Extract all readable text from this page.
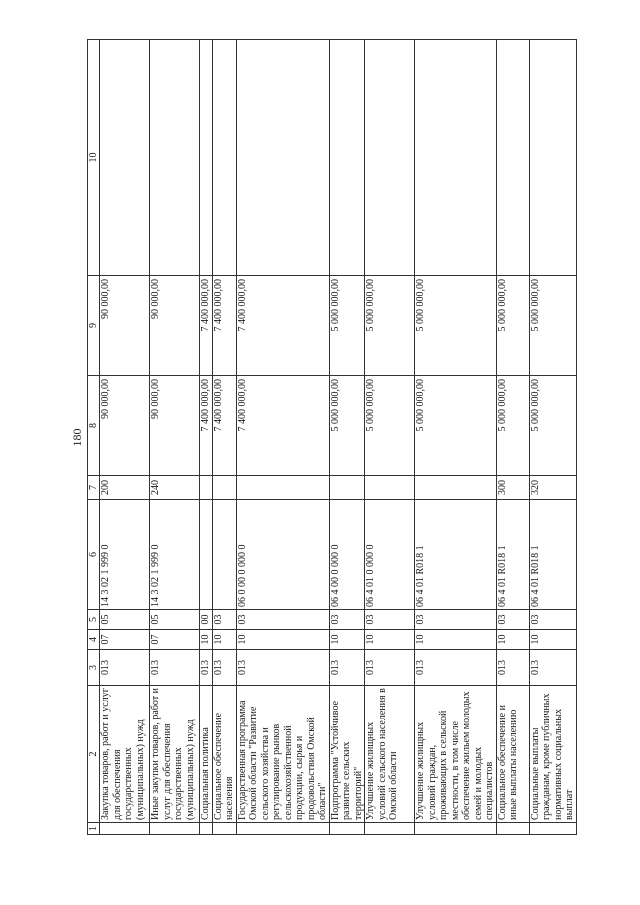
180
1	2	3	4	5	6	7	8	9	10
	Закупка товаров, работ и услуг для обеспечения государственных (муниципальных) нужд	013	07	05	14 3 02 1 999 0	200	90 000,00	90 000,00	
	Иные закупки товаров, работ и услуг для обеспечения государственных (муниципальных) нужд	013	07	05	14 3 02 1 999 0	240	90 000,00	90 000,00	
	Социальная политика	013	10	00			7 400 000,00	7 400 000,00	
	Социальное обеспечение населения	013	10	03			7 400 000,00	7 400 000,00	
	Государственная программа Омской области "Развитие сельского хозяйства и регулирование рынков сельскохозяйственной продукции, сырья и продовольствия Омской области"	013	10	03	06 0 00 0 000 0		7 400 000,00	7 400 000,00	
	Подпрограмма "Устойчивое развитие сельских территорий"	013	10	03	06 4 00 0 000 0		5 000 000,00	5 000 000,00	
	Улучшение жилищных условий сельского населения в Омской области	013	10	03	06 4 01 0 000 0		5 000 000,00	5 000 000,00	
	Улучшение жилищных условий граждан, проживающих в сельской местности, в том числе обеспечение жильем молодых семей и молодых специалистов	013	10	03	06 4 01 R018 1		5 000 000,00	5 000 000,00	
	Социальное обеспечение и иные выплаты населению	013	10	03	06 4 01 R018 1	300	5 000 000,00	5 000 000,00	
	Социальные выплаты гражданам, кроме публичных нормативных социальных выплат	013	10	03	06 4 01 R018 1	320	5 000 000,00	5 000 000,00	
